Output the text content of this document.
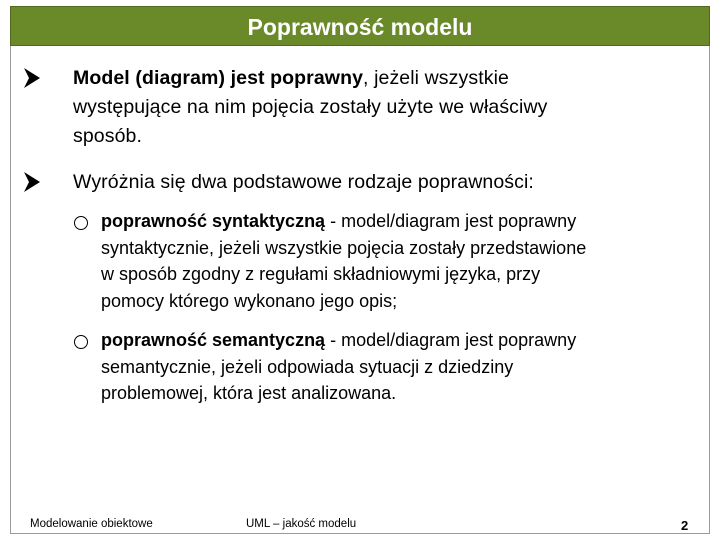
Poprawność modelu
Model (diagram) jest poprawny, jeżeli wszystkie
występujące na nim pojęcia zostały użyte we właściwy
sposób.
Wyróżnia się dwa podstawowe rodzaje poprawności:
poprawność syntaktyczną - model/diagram jest poprawny
syntaktycznie, jeżeli wszystkie pojęcia zostały przedstawione
w sposób zgodny z regułami składniowymi języka, przy
pomocy którego wykonano jego opis;
poprawność semantyczną - model/diagram jest poprawny
semantycznie, jeżeli odpowiada sytuacji z dziedziny
problemowej, która jest analizowana.
Modelowanie obiektowe	UML – jakość modelu	2
